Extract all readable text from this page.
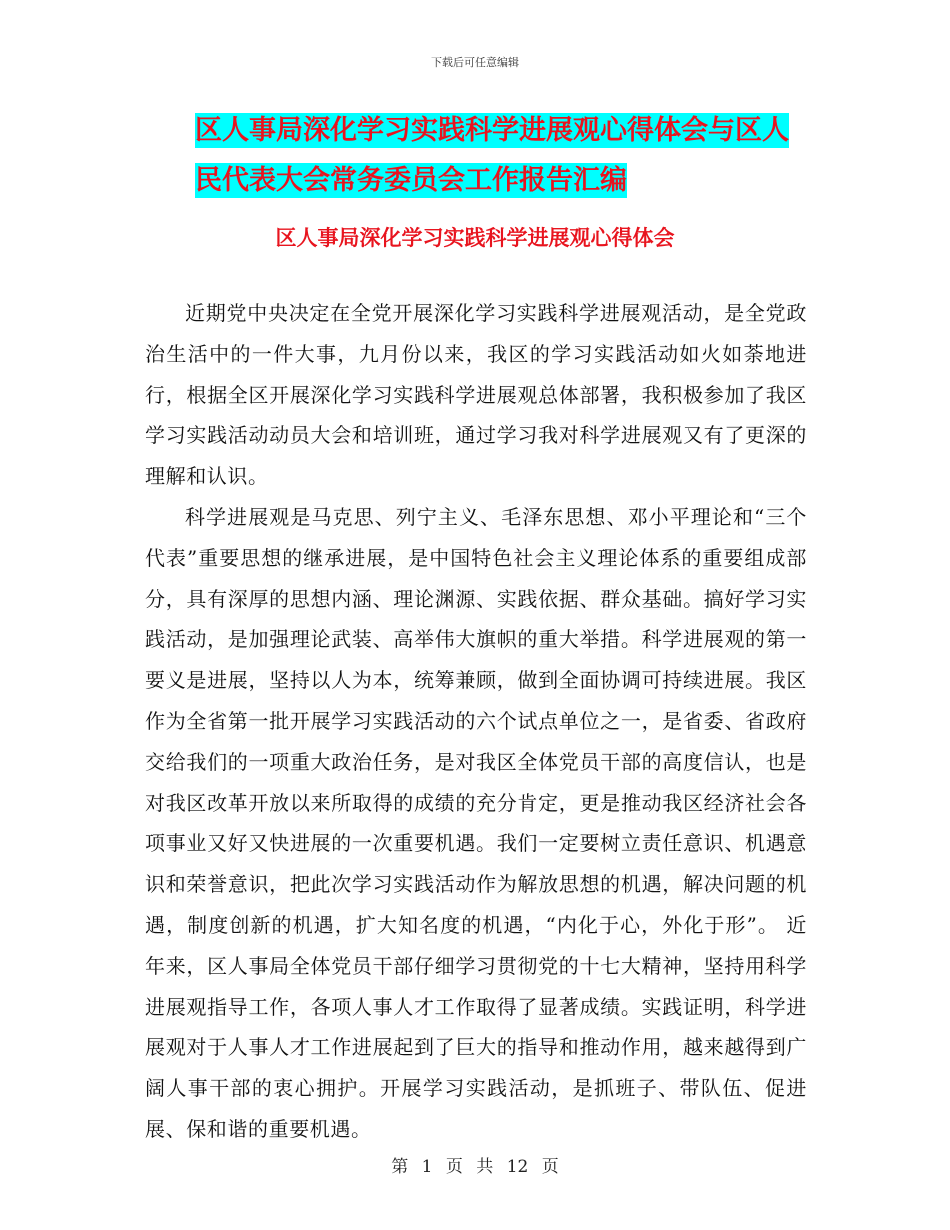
下载后可任意编辑
区人事局深化学习实践科学进展观心得体会与区人民代表大会常务委员会工作报告汇编
区人事局深化学习实践科学进展观心得体会

近期党中央决定在全党开展深化学习实践科学进展观活动，是全党政治生活中的一件大事，九月份以来，我区的学习实践活动如火如荼地进行，根据全区开展深化学习实践科学进展观总体部署，我积极参加了我区学习实践活动动员大会和培训班，通过学习我对科学进展观又有了更深的理解和认识。

科学进展观是马克思、列宁主义、毛泽东思想、邓小平理论和“三个代表”重要思想的继承进展，是中国特色社会主义理论体系的重要组成部分，具有深厚的思想内涵、理论渊源、实践依据、群众基础。搞好学习实践活动，是加强理论武装、高举伟大旗帜的重大举措。科学进展观的第一要义是进展，坚持以人为本，统筹兼顾，做到全面协调可持续进展。我区作为全省第一批开展学习实践活动的六个试点单位之一，是省委、省政府交给我们的一项重大政治任务，是对我区全体党员干部的高度信认，也是对我区改革开放以来所取得的成绩的充分肯定，更是推动我区经济社会各项事业又好又快进展的一次重要机遇。我们一定要树立责任意识、机遇意识和荣誉意识，把此次学习实践活动作为解放思想的机遇，解决问题的机遇，制度创新的机遇，扩大知名度的机遇，“内化于心，外化于形”。 近年来，区人事局全体党员干部仔细学习贯彻党的十七大精神，坚持用科学进展观指导工作，各项人事人才工作取得了显著成绩。实践证明，科学进展观对于人事人才工作进展起到了巨大的指导和推动作用，越来越得到广阔人事干部的衷心拥护。开展学习实践活动，是抓班子、带队伍、促进展、保和谐的重要机遇。

第 1 页 共 12 页
